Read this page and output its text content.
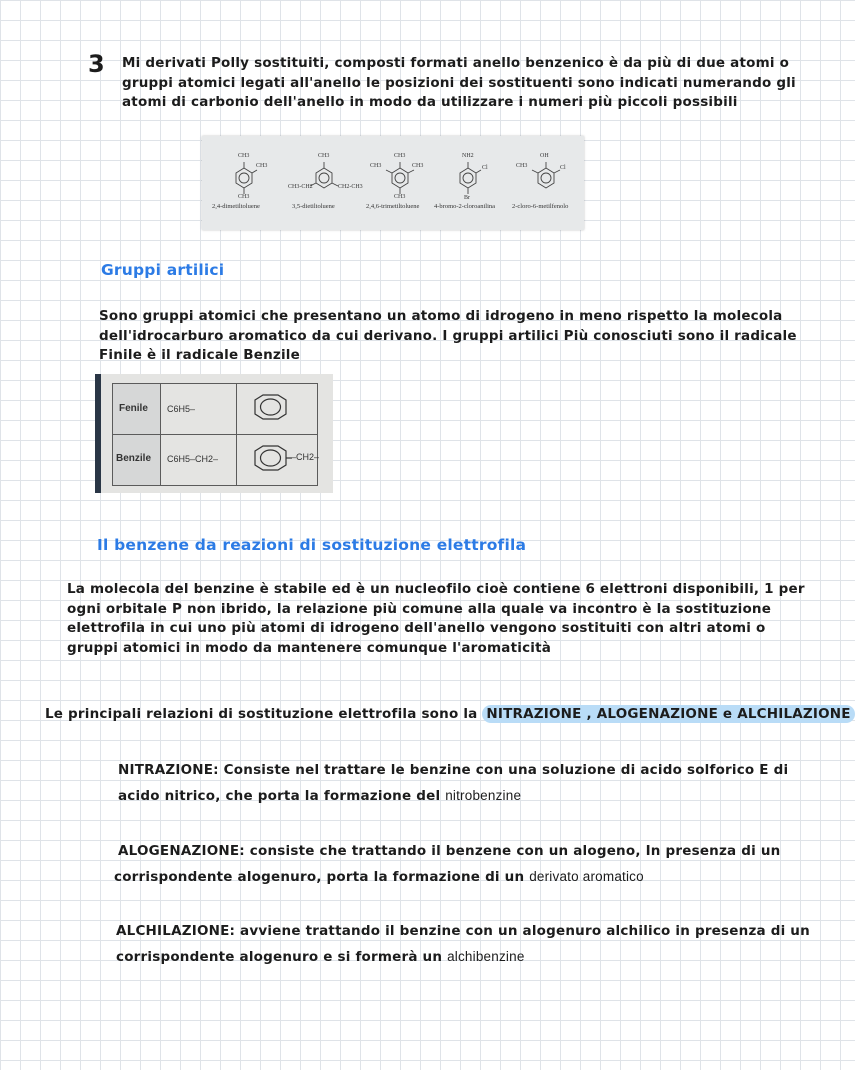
3 Mi derivati Polly sostituiti, composti formati anello benzenico è da più di due atomi o
gruppi atomici legati all'anello le posizioni dei sostituenti sono indicati numerando gli
atomi di carbonio dell'anello in modo da utilizzare i numeri più piccoli possibili
CH3
CH3
CH3
CH3
CH3-CH2	CH2-CH3
CH3
CH3	CH3
CH3
NH2
Cl
Br
OH
CH3	Cl
2,4-dimetiltoluene	3,5-dietiltoluene	2,4,6-trimetiltoluene 4-bromo-2-cloroanilina	2-cloro-6-metilfenolo
Gruppi artilici
Sono gruppi atomici che presentano un atomo di idrogeno in meno rispetto la molecola
dell'idrocarburo aromatico da cui derivano. I gruppi artilici Più conosciuti sono il radicale
Finile è il radicale Benzile
Fenile C6H5–
Benzile C6H5–CH2–	–CH2–
Il benzene da reazioni di sostituzione elettrofila
La molecola del benzine è stabile ed è un nucleofilo cioè contiene 6 elettroni disponibili, 1 per
ogni orbitale P non ibrido, la relazione più comune alla quale va incontro è la sostituzione
elettrofila in cui uno più atomi di idrogeno dell'anello vengono sostituiti con altri atomi o
gruppi atomici in modo da mantenere comunque l'aromaticità
Le principali relazioni di sostituzione elettrofila sono la NITRAZIONE , ALOGENAZIONE e ALCHILAZIONE
NITRAZIONE: Consiste nel trattare le benzine con una soluzione di acido solforico E di
acido nitrico, che porta la formazione del nitrobenzine
ALOGENAZIONE: consiste che trattando il benzene con un alogeno, In presenza di un
corrispondente alogenuro, porta la formazione di un derivato aromatico
ALCHILAZIONE: avviene trattando il benzine con un alogenuro alchilico in presenza di un
corrispondente alogenuro e si formerà un alchibenzine
